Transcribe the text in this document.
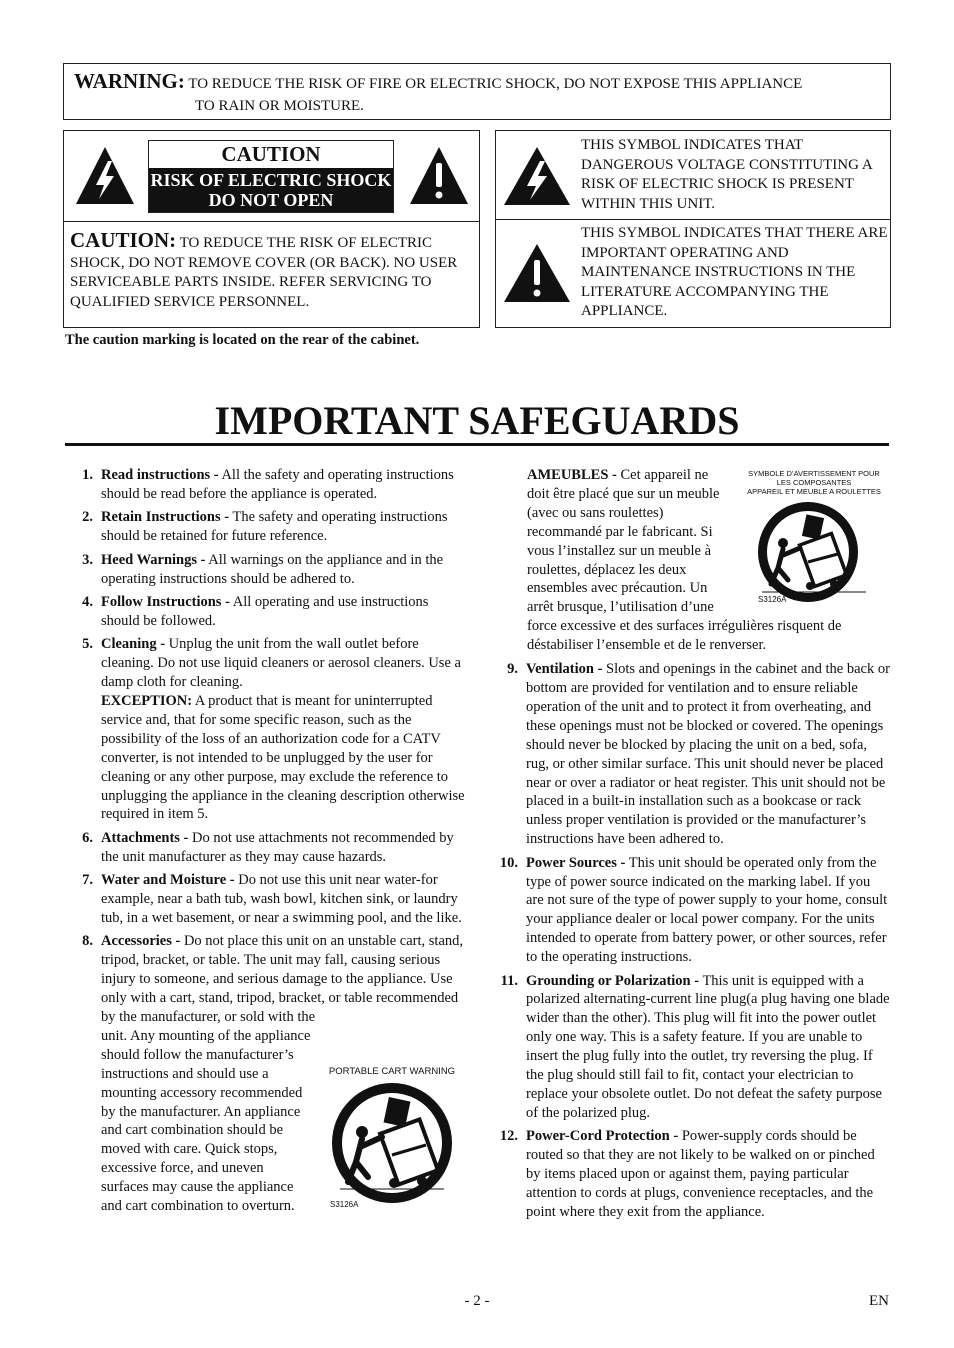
WARNING: TO REDUCE THE RISK OF FIRE OR ELECTRIC SHOCK, DO NOT EXPOSE THIS APPLIANCE
TO RAIN OR MOISTURE.
CAUTION
RISK OF ELECTRIC SHOCK
DO NOT OPEN
CAUTION: TO REDUCE THE RISK OF ELECTRIC SHOCK, DO NOT REMOVE COVER (OR BACK). NO USER SERVICEABLE PARTS INSIDE. REFER SERVICING TO QUALIFIED SERVICE PERSONNEL.
The caution marking is located on the rear of the cabinet.
THIS SYMBOL INDICATES THAT DANGEROUS VOLTAGE CONSTITUTING A RISK OF ELECTRIC SHOCK IS PRESENT WITHIN THIS UNIT.
THIS SYMBOL INDICATES THAT THERE ARE IMPORTANT OPERATING AND MAINTENANCE INSTRUCTIONS IN THE LITERATURE ACCOMPANYING THE APPLIANCE.
IMPORTANT SAFEGUARDS
1. Read instructions - All the safety and operating instructions should be read before the appliance is operated.

2. Retain Instructions - The safety and operating instructions should be retained for future reference.

3. Heed Warnings - All warnings on the appliance and in the operating instructions should be adhered to.

4. Follow Instructions - All operating and use instructions should be followed.

5. Cleaning - Unplug the unit from the wall outlet before cleaning. Do not use liquid cleaners or aerosol cleaners. Use a damp cloth for cleaning.

EXCEPTION: A product that is meant for uninterrupted service and, that for some specific reason, such as the possibility of the loss of an authorization code for a CATV converter, is not intended to be unplugged by the user for cleaning or any other purpose, may exclude the reference to unplugging the appliance in the cleaning description otherwise required in item 5.

6. Attachments - Do not use attachments not recommended by the unit manufacturer as they may cause hazards.

7. Water and Moisture - Do not use this unit near water-for example, near a bath tub, wash bowl, kitchen sink, or laundry tub, in a wet basement, or near a swimming pool, and the like.

8. Accessories - Do not place this unit on an unstable cart, stand, tripod, bracket, or table. The unit may fall, causing serious injury to someone, and serious damage to the appliance. Use only with a cart, stand, tripod, bracket, or table recommended by the manufacturer, or sold with the

unit. Any mounting of the appliance should follow the manufacturer’s instructions and should use a mounting accessory recommended by the manufacturer. An appliance and cart combination should be moved with care. Quick stops, excessive force, and uneven surfaces may cause the appliance and cart combination to overturn.

PORTABLE CART WARNING
S3126A

AMEUBLES - Cet appareil ne doit être placé que sur un meuble (avec ou sans roulettes) recommandé par le fabricant. Si vous l’installez sur un meuble à roulettes, déplacez les deux ensembles avec précaution. Un arrêt brusque, l’utilisation d’une

force excessive et des surfaces irrégulières risquent de déstabiliser l’ensemble et de le renverser.

9. Ventilation - Slots and openings in the cabinet and the back or bottom are provided for ventilation and to ensure reliable operation of the unit and to protect it from overheating, and these openings must not be blocked or covered. The openings should never be blocked by placing the unit on a bed, sofa, rug, or other similar surface. This unit should never be placed near or over a radiator or heat register. This unit should not be placed in a built-in installation such as a bookcase or rack unless proper ventilation is provided or the manufacturer’s instructions have been adhered to.

10. Power Sources - This unit should be operated only from the type of power source indicated on the marking label. If you are not sure of the type of power supply to your home, consult your appliance dealer or local power company. For the units intended to operate from battery power, or other sources, refer to the operating instructions.

11. Grounding or Polarization - This unit is equipped with a polarized alternating-current line plug(a plug having one blade wider than the other). This plug will fit into the power outlet only one way. This is a safety feature. If you are unable to insert the plug fully into the outlet, try reversing the plug. If the plug should still fail to fit, contact your electrician to replace your obsolete outlet. Do not defeat the safety purpose of the polarized plug.

12. Power-Cord Protection - Power-supply cords should be routed so that they are not likely to be walked on or pinched by items placed upon or against them, paying particular attention to cords at plugs, convenience receptacles, and the point where they exit from the appliance.

SYMBOLE D’AVERTISSEMENT POUR
LES COMPOSANTES
APPAREIL ET MEUBLE A ROULETTES
S3126A
- 2 -	EN
